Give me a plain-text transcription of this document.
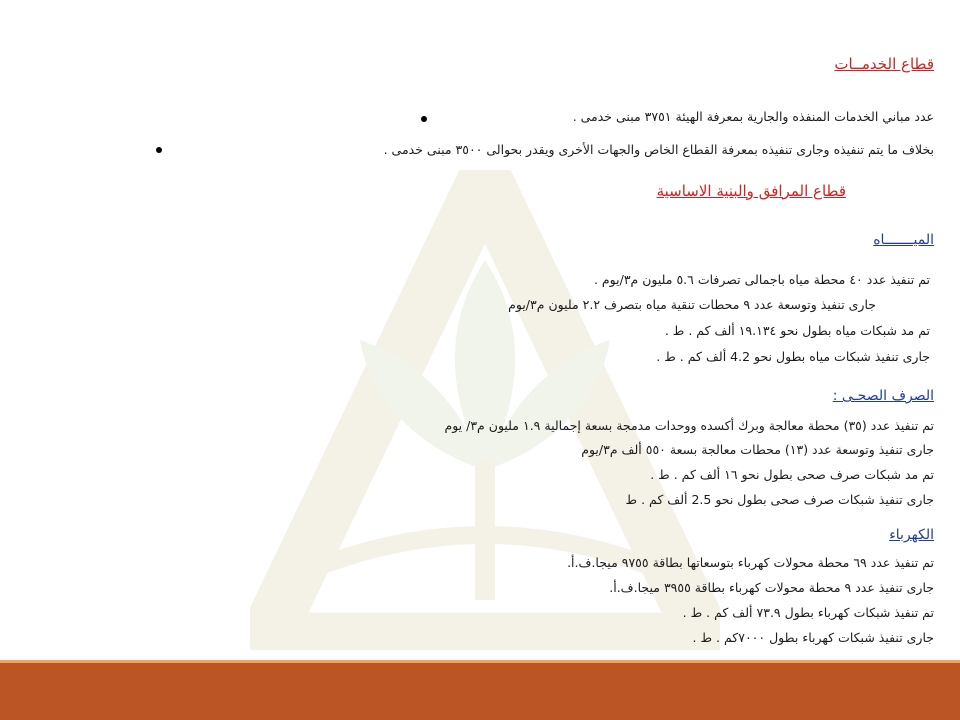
قطاع الخدمــات
عدد مباني الخدمات المنفذه والجارية بمعرفة الهيئة ٣٧٥١ مبنى خدمى .
بخلاف ما يتم تنفيذه وجارى تنفيذه بمعرفة القطاع الخاص والجهات الأخرى ويقدر بحوالى ٣٥٠٠ مبنى خدمى .
قطاع المرافق والبنية الاساسية
الميـــــــاه
تم تنفيذ عدد ٤٠ محطة مياه باجمالى تصرفات ٥.٦ مليون م٣/يوم .
جارى تنفيذ وتوسعة عدد ٩ محطات تنقية مياه بتصرف ٢.٢ مليون م٣/يوم
تم مد شبكات مياه بطول نحو ١٩.١٣٤ ألف كم . ط .
جارى تنفيذ شبكات مياه بطول نحو 4.2 ألف كم . ط .
الصرف الصحـى :
تم تنفيذ عدد (٣٥) محطة معالجة وبرك أكسده ووحدات مدمجة بسعة إجمالية ١.٩ مليون م٣/ يوم
جارى تنفيذ وتوسعة عدد (١٣) محطات معالجة بسعة ٥٥٠ ألف م٣/يوم
تم مد شبكات صرف صحى بطول نحو ١٦ ألف كم . ط .
جارى تنفيذ شبكات صرف صحى بطول نحو 2.5 ألف كم . ط
الكهرباء
تم تنفيذ عدد ٦٩ محطة محولات كهرباء بتوسعاتها بطاقة ٩٧٥٥ ميجا.ف.أ.
جارى تنفيذ عدد ٩ محطة محولات كهرباء بطاقة ٣٩٥٥ ميجا.ف.أ.
تم تنفيذ شبكات كهرباء بطول ٧٣.٩ ألف كم . ط .
جارى تنفيذ شبكات كهرباء بطول ٧٠٠٠كم . ط .
